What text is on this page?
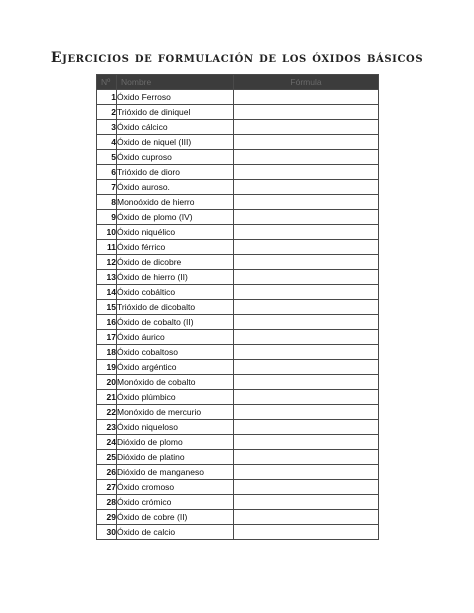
Ejercicios de formulación de los óxidos básicos
Nº	Nombre	Fórmula
1	Óxido Ferroso	
2	Trióxido de diniquel	
3	Óxido cálcico	
4	Óxido de niquel (III)	
5	Óxido cuproso	
6	Trióxido de dioro	
7	Óxido auroso.	
8	Monoóxido de hierro	
9	Óxido de plomo (IV)	
10	Óxido niquélico	
11	Óxido férrico	
12	Óxido de dicobre	
13	Óxido de hierro (II)	
14	Óxido cobáltico	
15	Trióxido de dicobalto	
16	Óxido de cobalto (II)	
17	Óxido áurico	
18	Óxido cobaltoso	
19	Óxido argéntico	
20	Monóxido de cobalto	
21	Óxido plúmbico	
22	Monóxido de mercurio	
23	Óxido niqueloso	
24	Dióxido de plomo	
25	Dióxido de platino	
26	Dióxido de manganeso	
27	Óxido cromoso	
28	Óxido crómico	
29	Óxido de cobre (II)	
30	Óxido de calcio	
